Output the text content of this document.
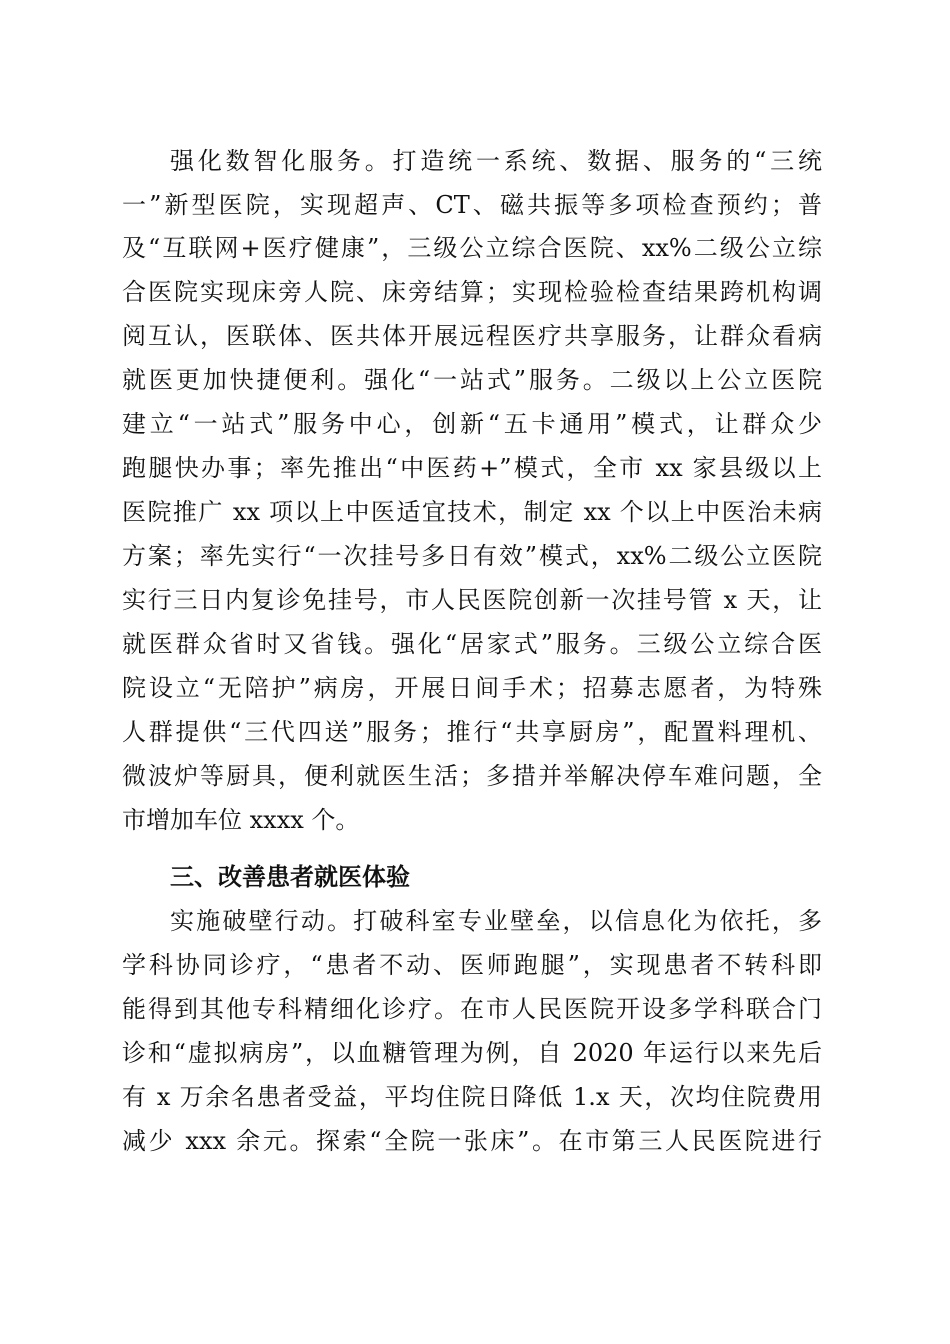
强化数智化服务。打造统一系统、数据、服务的“三统
一”新型医院，实现超声、CT、磁共振等多项检查预约；普
及“互联网+医疗健康”，三级公立综合医院、xx%二级公立综
合医院实现床旁人院、床旁结算；实现检验检查结果跨机构调
阅互认，医联体、医共体开展远程医疗共享服务，让群众看病
就医更加快捷便利。强化“一站式”服务。二级以上公立医院
建立“一站式”服务中心，创新“五卡通用”模式，让群众少
跑腿快办事；率先推出“中医药+”模式，全市 xx 家县级以上
医院推广 xx 项以上中医适宜技术，制定 xx 个以上中医治未病
方案；率先实行“一次挂号多日有效”模式，xx%二级公立医院
实行三日内复诊免挂号，市人民医院创新一次挂号管 x 天，让
就医群众省时又省钱。强化“居家式”服务。三级公立综合医
院设立“无陪护”病房，开展日间手术；招募志愿者，为特殊
人群提供“三代四送”服务；推行“共享厨房”，配置料理机、
微波炉等厨具，便利就医生活；多措并举解决停车难问题，全
市增加车位 xxxx 个。
三、改善患者就医体验
实施破壁行动。打破科室专业壁垒，以信息化为依托，多
学科协同诊疗，“患者不动、医师跑腿”，实现患者不转科即
能得到其他专科精细化诊疗。在市人民医院开设多学科联合门
诊和“虚拟病房”，以血糖管理为例，自 2020 年运行以来先后
有 x 万余名患者受益，平均住院日降低 1.x 天，次均住院费用
减少 xxx 余元。探索“全院一张床”。在市第三人民医院进行
